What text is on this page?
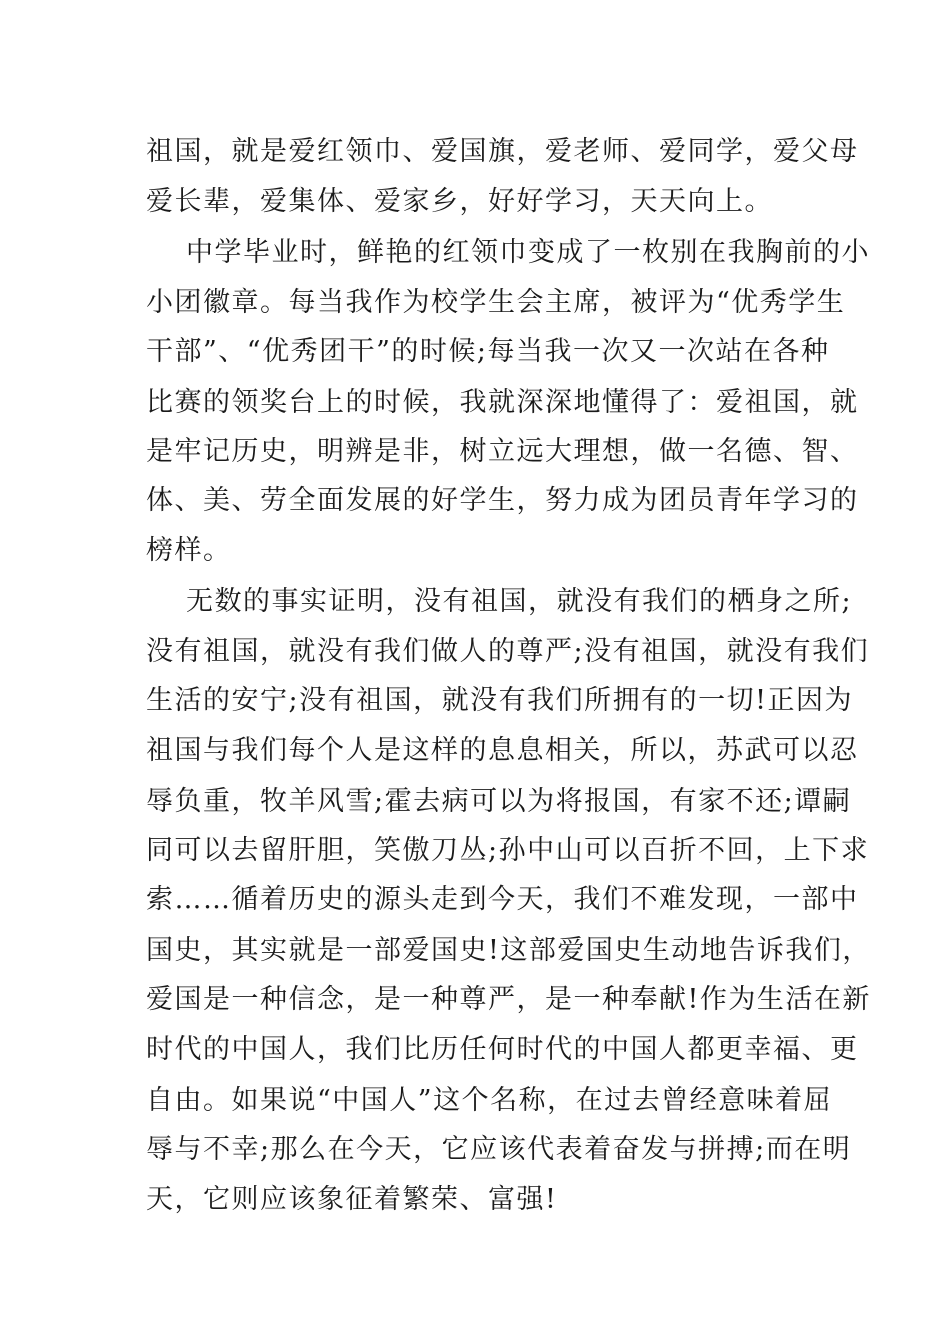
祖国，就是爱红领巾、爱国旗，爱老师、爱同学，爱父母
爱长辈，爱集体、爱家乡，好好学习，天天向上。
中学毕业时，鲜艳的红领巾变成了一枚别在我胸前的小
小团徽章。每当我作为校学生会主席，被评为“优秀学生
干部”、“优秀团干”的时候;每当我一次又一次站在各种
比赛的领奖台上的时候，我就深深地懂得了：爱祖国，就
是牢记历史，明辨是非，树立远大理想，做一名德、智、
体、美、劳全面发展的好学生，努力成为团员青年学习的
榜样。
无数的事实证明，没有祖国，就没有我们的栖身之所;
没有祖国，就没有我们做人的尊严;没有祖国，就没有我们
生活的安宁;没有祖国，就没有我们所拥有的一切!正因为
祖国与我们每个人是这样的息息相关，所以，苏武可以忍
辱负重，牧羊风雪;霍去病可以为将报国，有家不还;谭嗣
同可以去留肝胆，笑傲刀丛;孙中山可以百折不回，上下求
索……循着历史的源头走到今天，我们不难发现，一部中
国史，其实就是一部爱国史!这部爱国史生动地告诉我们，
爱国是一种信念，是一种尊严，是一种奉献!作为生活在新
时代的中国人，我们比历任何时代的中国人都更幸福、更
自由。如果说“中国人”这个名称，在过去曾经意味着屈
辱与不幸;那么在今天，它应该代表着奋发与拼搏;而在明
天，它则应该象征着繁荣、富强!
